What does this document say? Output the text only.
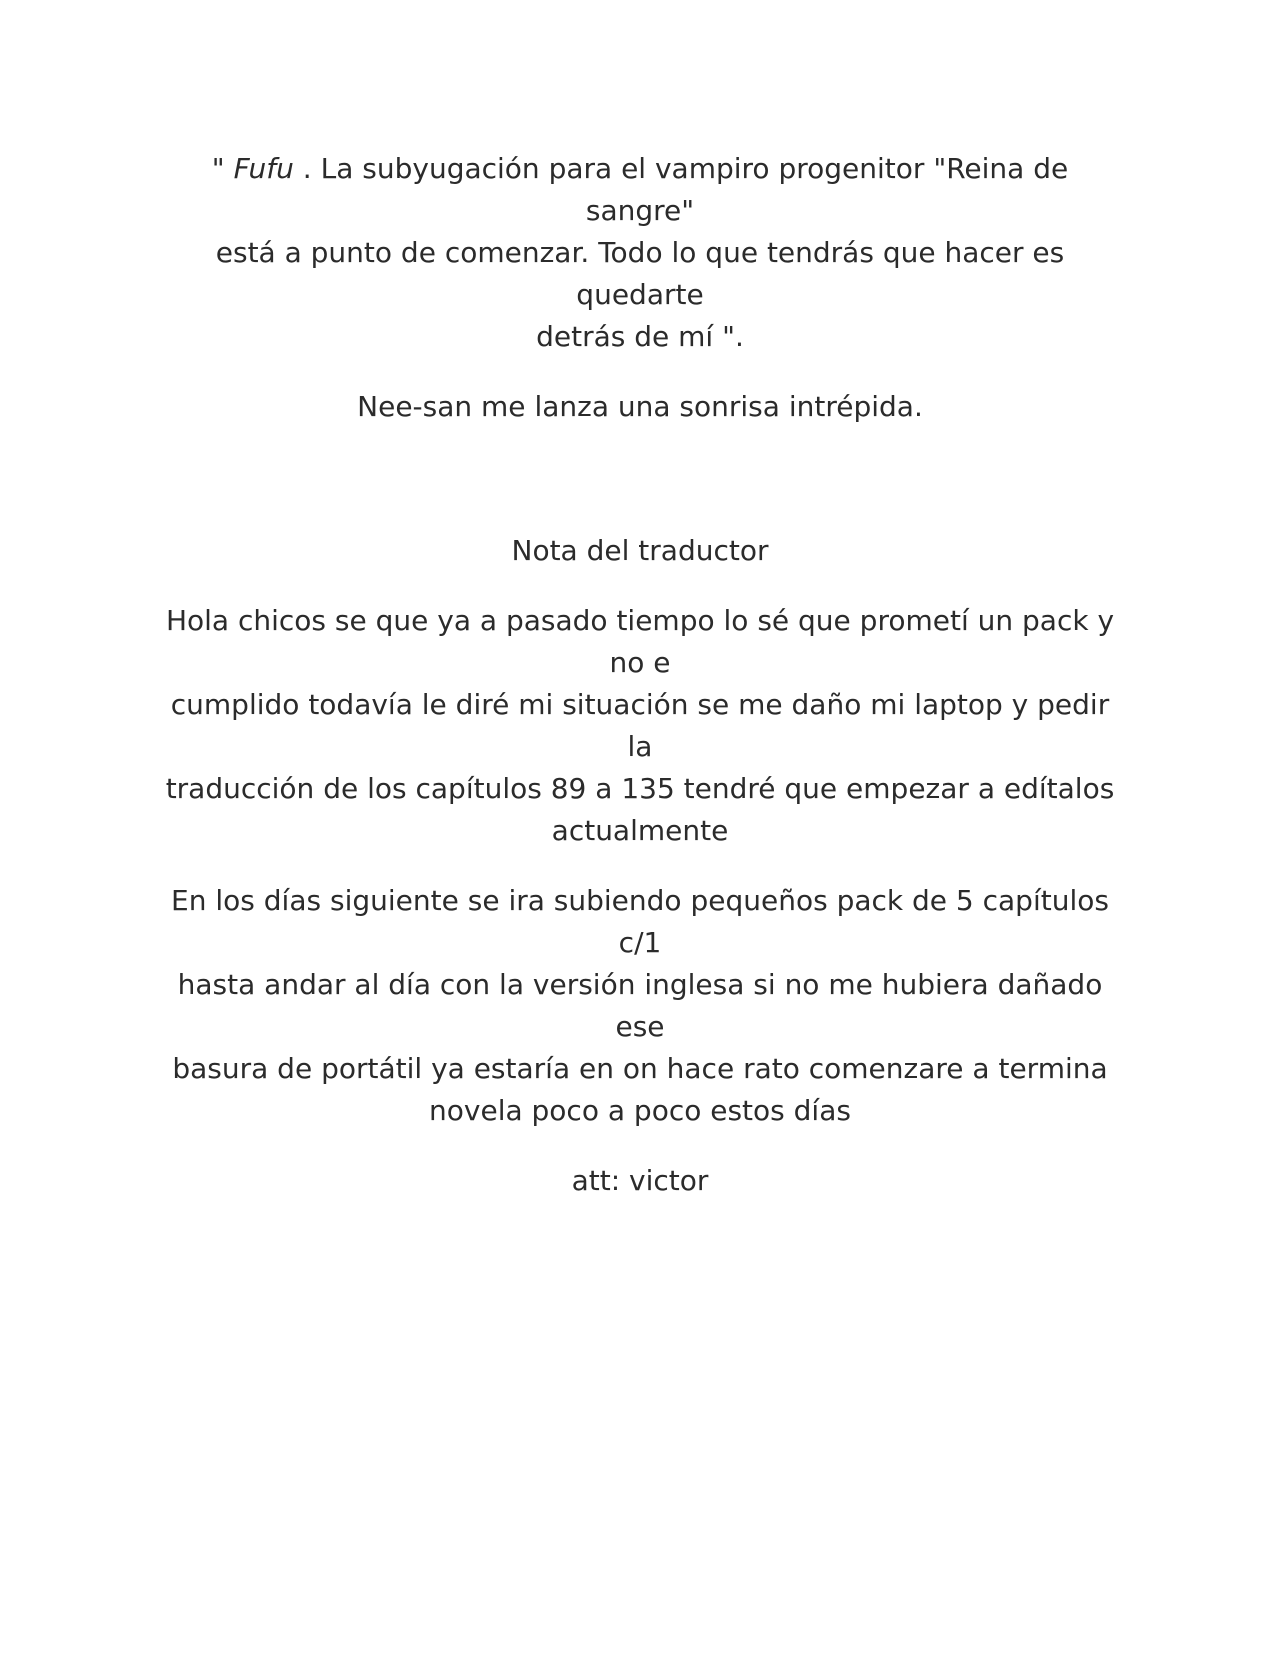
" Fufu . La subyugación para el vampiro progenitor "Reina de sangre"
está a punto de comenzar. Todo lo que tendrás que hacer es quedarte
detrás de mí ".

Nee-san me lanza una sonrisa intrépida.

Nota del traductor

Hola chicos se que ya a pasado tiempo lo sé que prometí un pack y no e
cumplido todavía le diré mi situación se me daño mi laptop y pedir la
traducción de los capítulos 89 a 135 tendré que empezar a edítalos
actualmente

En los días siguiente se ira subiendo pequeños pack de 5 capítulos c/1
hasta andar al día con la versión inglesa si no me hubiera dañado ese
basura de portátil ya estaría en on hace rato comenzare a termina
novela poco a poco estos días

att: victor
